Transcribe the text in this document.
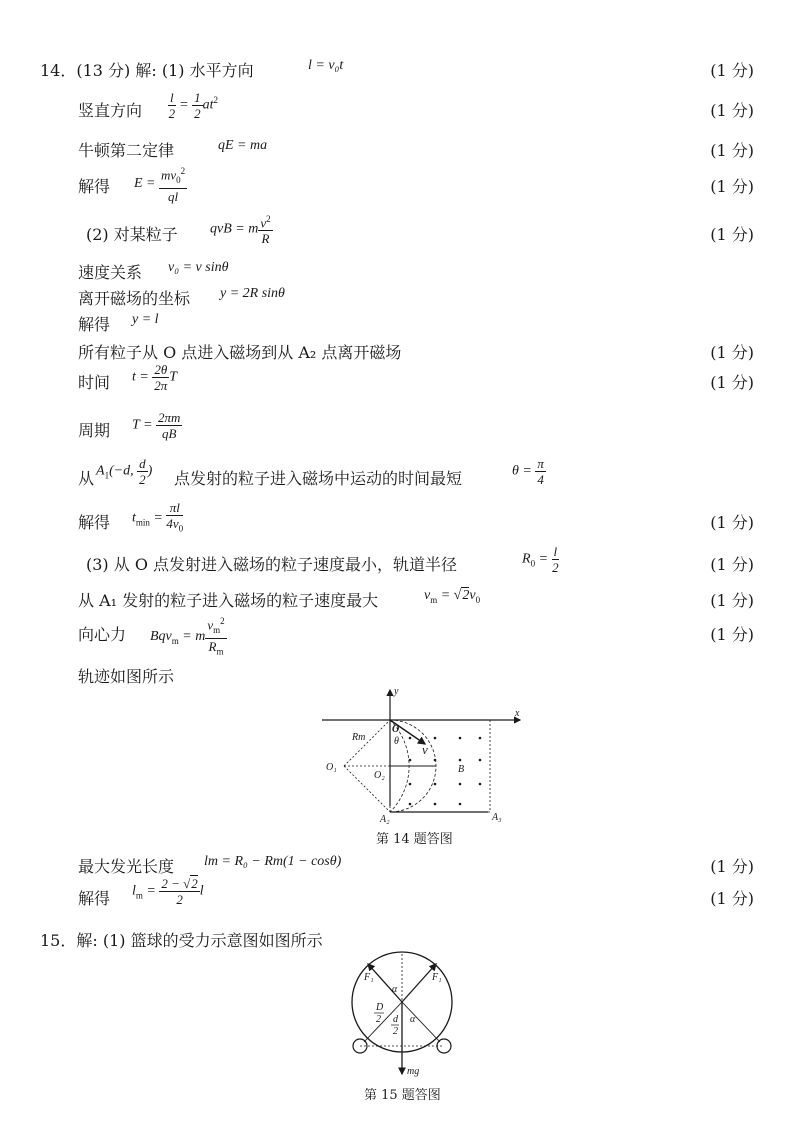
14．(13 分) 解: (1) 水平方向	l = v₀t	(1 分)
竖直方向 $\frac{l}{2} = \frac{1}{2} at^2$
(1 分)
牛顿第二定律	qE = ma	(1 分)
解得 $E = \frac{mv_0^2}{ql}$	(1 分)
(2) 对某粒子 qvB = m $\frac{v^2}{R}$	(1 分)
速度关系 v₀ = v sinθ
离开磁场的坐标 y = 2R sinθ
解得 y = l
所有粒子从 O 点进入磁场到从 A₂ 点离开磁场	(1 分)
时间 $t = \frac{2\theta}{2\pi}$ T	(1 分)
周期 $T = \frac{2\pi m}{qB}$
从 $A_1(-d$, $\frac{d}{2}$ ) 点发射的粒子进入磁场中运动的时间最短	$\theta = \frac{\pi}{4}$
解得 $t_{min} = \frac{\pi l}{4v_0}$	(1 分)
(3) 从 O 点发射进入磁场的粒子速度最小，轨道半径	$R_0 = \frac{l}{2}$	(1 分)
从 A₁ 发射的粒子进入磁场的粒子速度最大	$v_m = √2v_0$	(1 分)
向心力 Bqv$_m$ = m $\frac{v_m^2}{R_m}$	(1 分)
轨迹如图所示
x
y
O
Rm	θ
v
O₁
O₂
B
A₂	A₃
第 14 题答图
最大发光长度 lm = R₀ − Rm(1 − cosθ)	(1 分)
解得 $l_m = \frac{2 - √2}{2}$ l	(1 分)
15．解: (1) 篮球的受力示意图如图所示
F₁	F₁
α
α
D
2 d
2
mg
第 15 题答图
